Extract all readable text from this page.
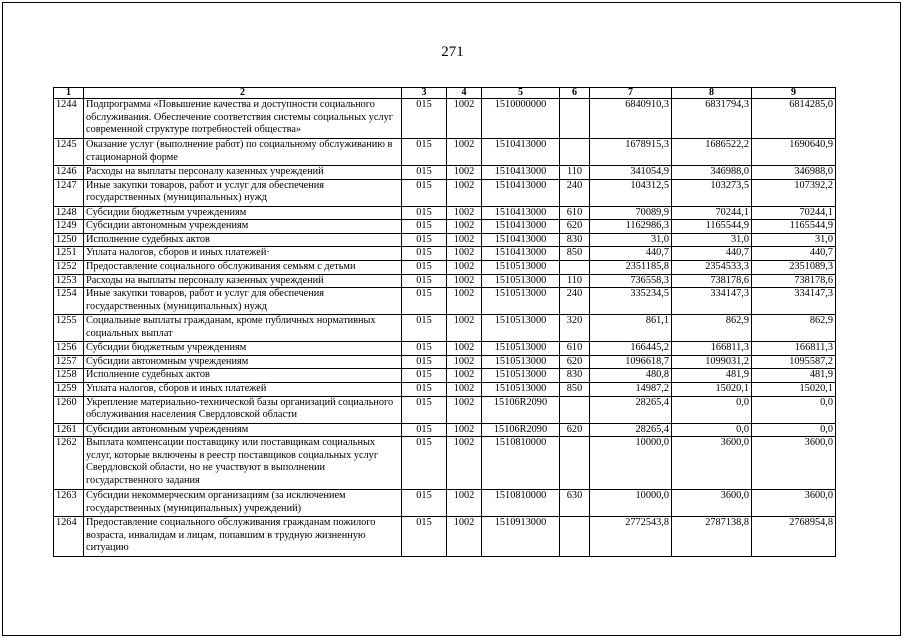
271
1	2	3	4	5	6	7	8	9
1244	Подпрограмма «Повышение качества и доступности социального обслуживания. Обеспечение соответствия системы социальных услуг современной структуре потребностей общества»	015	1002	1510000000		6840910,3	6831794,3	6814285,0
1245	Оказание услуг (выполнение работ) по социальному обслуживанию в стационарной форме	015	1002	1510413000		1678915,3	1686522,2	1690640,9
1246	Расходы на выплаты персоналу казенных учреждений	015	1002	1510413000	110	341054,9	346988,0	346988,0
1247	Иные закупки товаров, работ и услуг для обеспечения государственных (муниципальных) нужд	015	1002	1510413000	240	104312,5	103273,5	107392,2
1248	Субсидии бюджетным учреждениям	015	1002	1510413000	610	70089,9	70244,1	70244,1
1249	Субсидии автономным учреждениям	015	1002	1510413000	620	1162986,3	1165544,9	1165544,9
1250	Исполнение судебных актов	015	1002	1510413000	830	31,0	31,0	31,0
1251	Уплата налогов, сборов и иных платежей·	015	1002	1510413000	850	440,7	440,7	440,7
1252	Предоставление социального обслуживания семьям с детьми	015	1002	1510513000		2351185,8	2354533,3	2351089,3
1253	Расходы на выплаты персоналу казенных учреждений	015	1002	1510513000	110	736558,3	738178,6	738178,6
1254	Иные закупки товаров, работ и услуг для обеспечения государственных (муниципальных) нужд	015	1002	1510513000	240	335234,5	334147,3	334147,3
1255	Социальные выплаты гражданам, кроме публичных нормативных социальных выплат	015	1002	1510513000	320	861,1	862,9	862,9
1256	Субсидии бюджетным учреждениям	015	1002	1510513000	610	166445,2	166811,3	166811,3
1257	Субсидии автономным учреждениям	015	1002	1510513000	620	1096618,7	1099031,2	1095587,2
1258	Исполнение судебных актов	015	1002	1510513000	830	480,8	481,9	481,9
1259	Уплата налогов, сборов и иных платежей	015	1002	1510513000	850	14987,2	15020,1	15020,1
1260	Укрепление материально-технической базы организаций социального обслуживания населения Свердловской области	015	1002	15106R2090		28265,4	0,0	0,0
1261	Субсидии автономным учреждениям	015	1002	15106R2090	620	28265,4	0,0	0,0
1262	Выплата компенсации поставщику или поставщикам социальных услуг, которые включены в реестр поставщиков социальных услуг Свердловской области, но не участвуют в выполнении государственного задания	015	1002	1510810000		10000,0	3600,0	3600,0
1263	Субсидии некоммерческим организациям (за исключением государственных (муниципальных) учреждений)	015	1002	1510810000	630	10000,0	3600,0	3600,0
1264	Предоставление социального обслуживания гражданам пожилого возраста, инвалидам и лицам, попавшим в трудную жизненную ситуацию	015	1002	1510913000		2772543,8	2787138,8	2768954,8
